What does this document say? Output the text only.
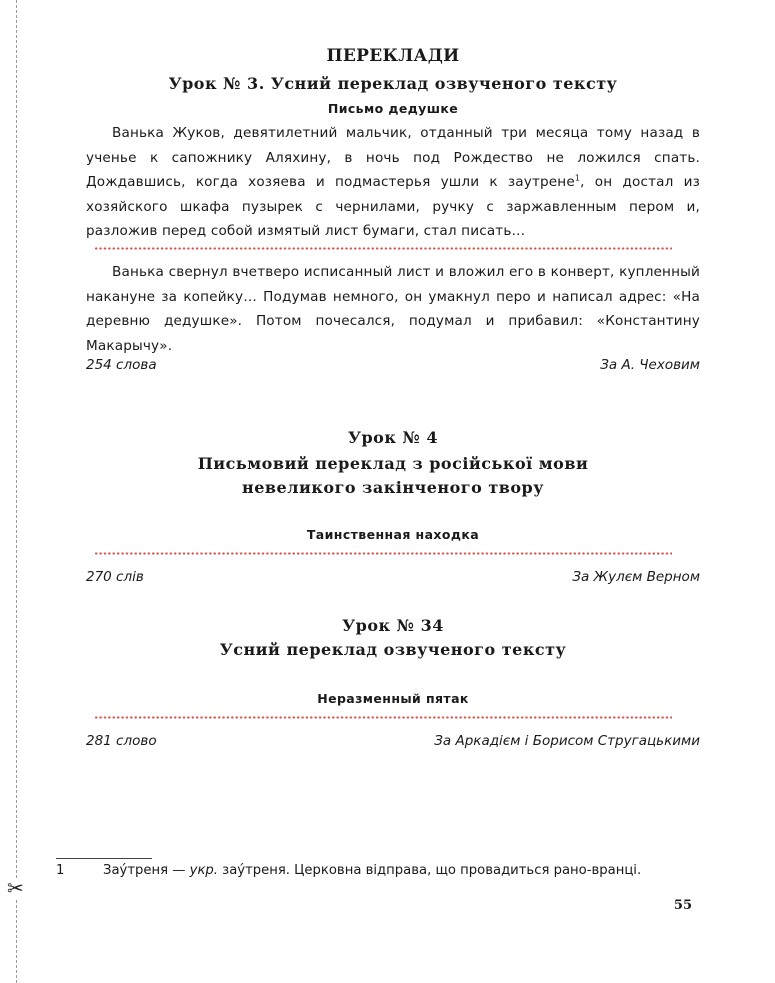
✂
ПЕРЕКЛАДИ
Урок № 3. Усний переклад озвученого тексту
Письмо дедушке

Ванька Жуков, девятилетний мальчик, отданный три месяца тому назад в ученье к сапожнику Аляхину, в ночь под Рождество не ложился спать. Дождавшись, когда хозяева и подмастерья ушли к заутрене$^1$, он достал из хозяйского шкафа пузырек с чернилами, ручку с заржавленным пером и, разложив перед собой измятый лист бумаги, стал писать…

Ванька свернул вчетверо исписанный лист и вложил его в конверт, купленный накануне за копейку… Подумав немного, он умакнул перо и написал адрес: «На деревню дедушке». Потом почесался, подумал и прибавил: «Константину Макарычу».

254 слова	За А. Чеховим
Урок № 4
Письмовий переклад з російської мови
невеликого закінченого твору
Таинственная находка
270 слів	За Жулєм Верном
Урок № 34
Усний переклад озвученого тексту
Неразменный пятак
281 слово	За Аркадієм і Борисом Стругацькими
1	Зау́треня — укр. зау́треня. Церковна відправа, що провадиться рано-вранці.
55
